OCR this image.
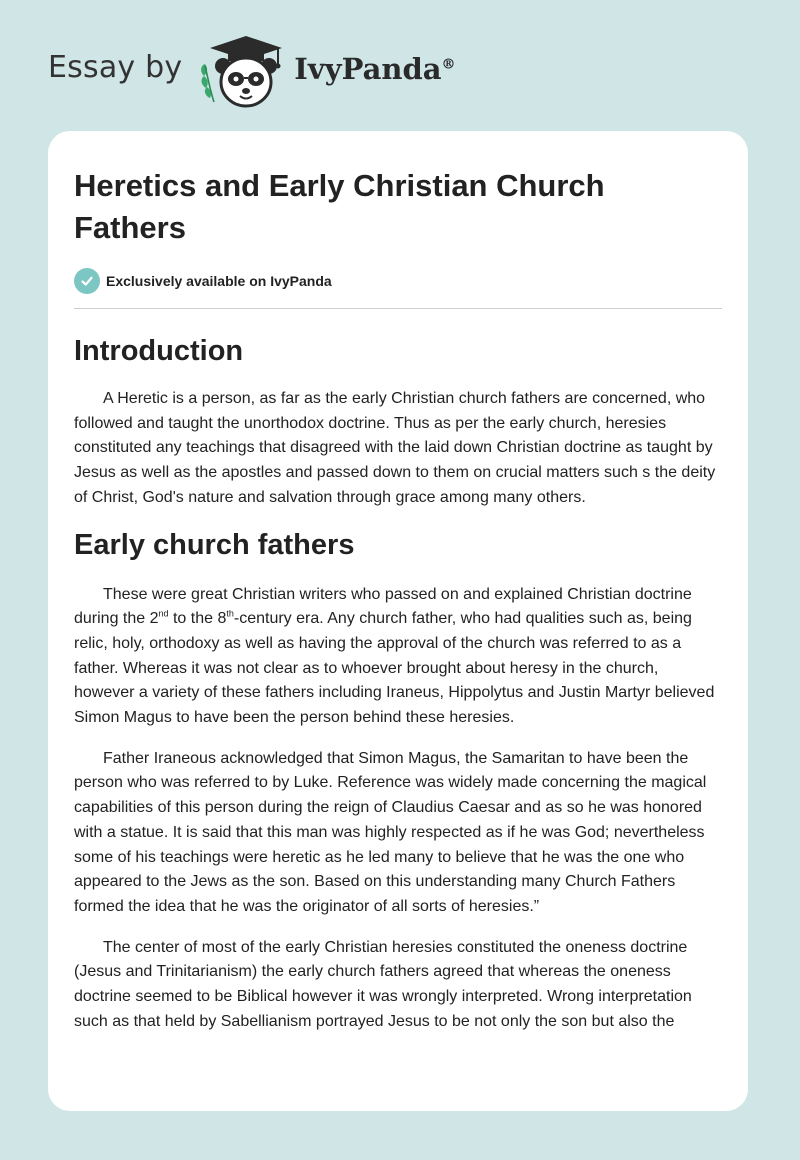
Essay by	IvyPanda®
Heretics and Early Christian Church Fathers
Exclusively available on IvyPanda
Introduction

A Heretic is a person, as far as the early Christian church fathers are concerned, who followed and taught the unorthodox doctrine. Thus as per the early church, heresies constituted any teachings that disagreed with the laid down Christian doctrine as taught by Jesus as well as the apostles and passed down to them on crucial matters such s the deity of Christ, God's nature and salvation through grace among many others.

Early church fathers

These were great Christian writers who passed on and explained Christian doctrine during the 2nd to the 8th-century era. Any church father, who had qualities such as, being relic, holy, orthodoxy as well as having the approval of the church was referred to as a father. Whereas it was not clear as to whoever brought about heresy in the church, however a variety of these fathers including Iraneus, Hippolytus and Justin Martyr believed Simon Magus to have been the person behind these heresies.

Father Iraneous acknowledged that Simon Magus, the Samaritan to have been the person who was referred to by Luke. Reference was widely made concerning the magical capabilities of this person during the reign of Claudius Caesar and as so he was honored with a statue. It is said that this man was highly respected as if he was God; nevertheless some of his teachings were heretic as he led many to believe that he was the one who appeared to the Jews as the son. Based on this understanding many Church Fathers formed the idea that he was the originator of all sorts of heresies.”

The center of most of the early Christian heresies constituted the oneness doctrine (Jesus and Trinitarianism) the early church fathers agreed that whereas the oneness doctrine seemed to be Biblical however it was wrongly interpreted. Wrong interpretation such as that held by Sabellianism portrayed Jesus to be not only the son but also the
